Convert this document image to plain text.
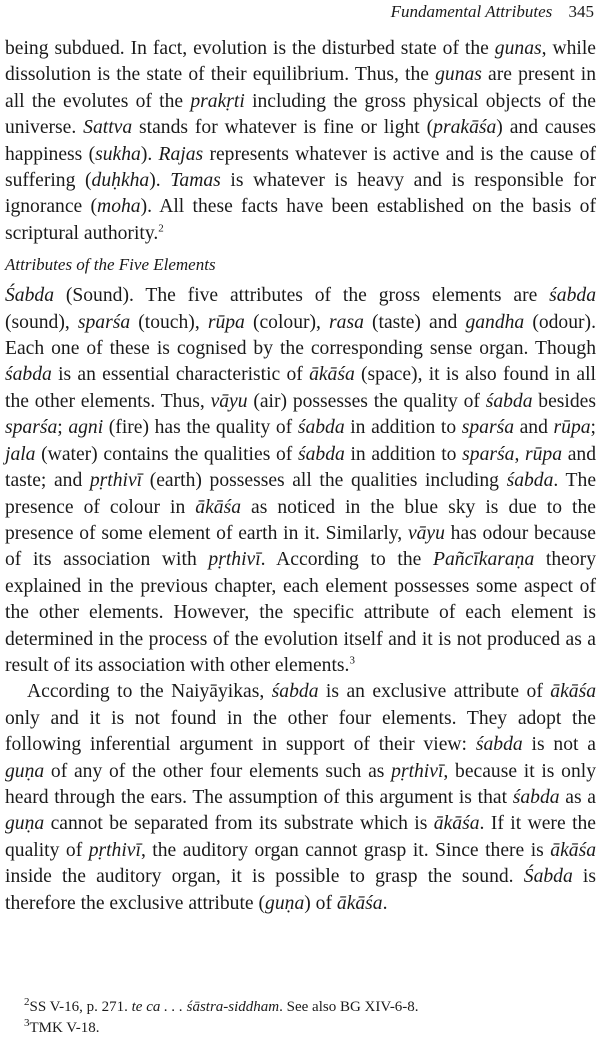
Fundamental Attributes 345

being subdued. In fact, evolution is the disturbed state of the gunas, while dissolution is the state of their equilibrium. Thus, the gunas are present in all the evolutes of the prakṛti including the gross physical objects of the universe. Sattva stands for whatever is fine or light (prakāśa) and causes happiness (sukha). Rajas represents whatever is active and is the cause of suffering (duḥkha). Tamas is whatever is heavy and is responsible for ignorance (moha). All these facts have been established on the basis of scriptural authority.$^2$

Attributes of the Five Elements

Śabda (Sound). The five attributes of the gross elements are śabda (sound), sparśa (touch), rūpa (colour), rasa (taste) and gandha (odour). Each one of these is cognised by the corresponding sense organ. Though śabda is an essential characteristic of ākāśa (space), it is also found in all the other elements. Thus, vāyu (air) possesses the quality of śabda besides sparśa; agni (fire) has the quality of śabda in addition to sparśa and rūpa; jala (water) contains the qualities of śabda in addition to sparśa, rūpa and taste; and pṛthivī (earth) possesses all the qualities including śabda. The presence of colour in ākāśa as noticed in the blue sky is due to the presence of some element of earth in it. Similarly, vāyu has odour because of its association with pṛthivī. According to the Pañcīkaraṇa theory explained in the previous chapter, each element possesses some aspect of the other elements. However, the specific attribute of each element is determined in the process of the evolution itself and it is not produced as a result of its association with other elements.$^3$

According to the Naiyāyikas, śabda is an exclusive attribute of ākāśa only and it is not found in the other four elements. They adopt the following inferential argument in support of their view: śabda is not a guṇa of any of the other four elements such as pṛthivī, because it is only heard through the ears. The assumption of this argument is that śabda as a guṇa cannot be separated from its substrate which is ākāśa. If it were the quality of pṛthivī, the auditory organ cannot grasp it. Since there is ākāśa inside the auditory organ, it is possible to grasp the sound. Śabda is therefore the exclusive attribute (guṇa) of ākāśa.

$^2$SS V-16, p. 271. te ca . . . śāstra-siddham. See also BG XIV-6-8.

$^3$TMK V-18.
